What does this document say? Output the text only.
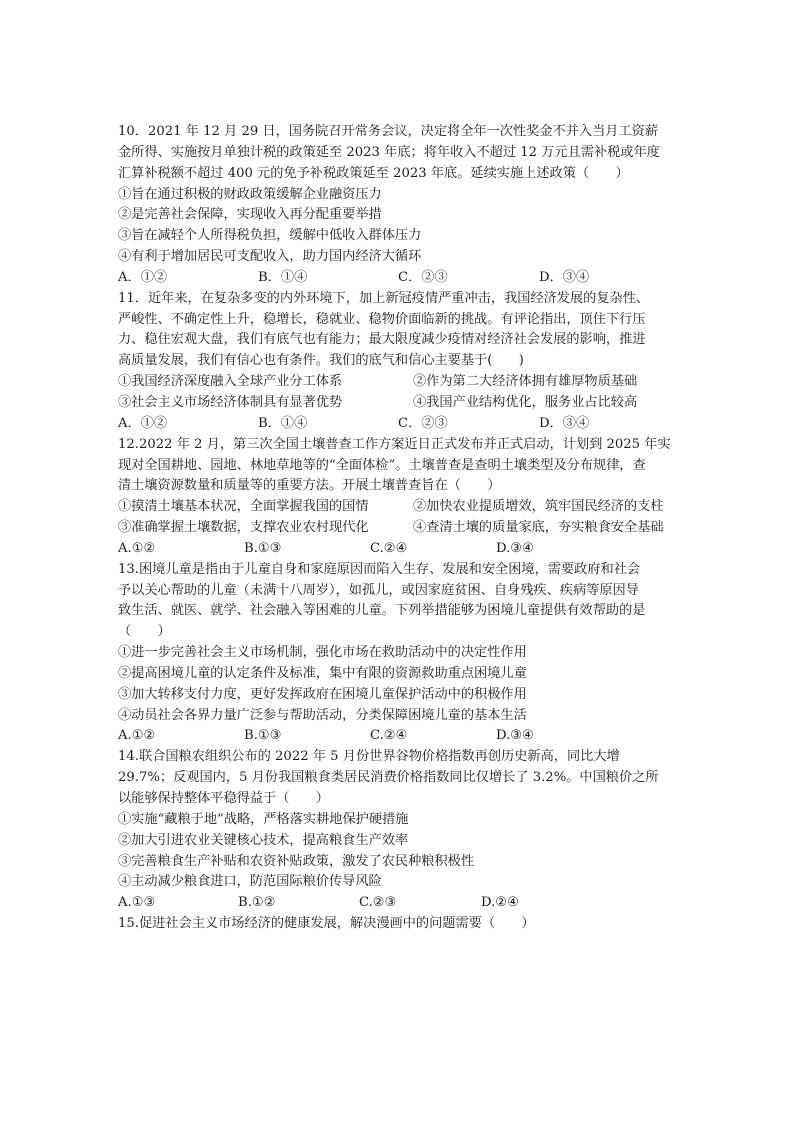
10．2021 年 12 月 29 日，国务院召开常务会议，决定将全年一次性奖金不并入当月工资薪
金所得、实施按月单独计税的政策延至 2023 年底；将年收入不超过 12 万元且需补税或年度
汇算补税额不超过 400 元的免予补税政策延至 2023 年底。延续实施上述政策（　　）
①旨在通过积极的财政政策缓解企业融资压力
②是完善社会保障，实现收入再分配重要举措
③旨在减轻个人所得税负担，缓解中低收入群体压力
④有利于增加居民可支配收入，助力国内经济大循环
A．①②	B．①④	C．②③	D．③④
11．近年来，在复杂多变的内外环境下，加上新冠疫情严重冲击，我国经济发展的复杂性、
严峻性、不确定性上升，稳增长，稳就业、稳物价面临新的挑战。有评论指出，顶住下行压
力、稳住宏观大盘，我们有底气也有能力；最大限度减少疫情对经济社会发展的影响，推进
高质量发展，我们有信心也有条件。我们的底气和信心主要基于(　　)
①我国经济深度融入全球产业分工体系	②作为第二大经济体拥有雄厚物质基础
③社会主义市场经济体制具有显著优势	④我国产业结构优化，服务业占比较高
A．①②	B．①④	C．②③	D．③④
12.2022 年 2 月，第三次全国土壤普查工作方案近日正式发布并正式启动，计划到 2025 年实
现对全国耕地、园地、林地草地等的“全面体检”。土壤普查是查明土壤类型及分布规律，查
清土壤资源数量和质量等的重要方法。开展土壤普查旨在（　　）
①摸清土壤基本状况，全面掌握我国的国情	②加快农业提质增效，筑牢国民经济的支柱
③准确掌握土壤数据，支撑农业农村现代化	④查清土壤的质量家底，夯实粮食安全基础
A.①②	B.①③	C.②④	D.③④
13.困境儿童是指由于儿童自身和家庭原因而陷入生存、发展和安全困境，需要政府和社会
予以关心帮助的儿童（未满十八周岁），如孤儿，或因家庭贫困、自身残疾、疾病等原因导
致生活、就医、就学、社会融入等困难的儿童。下列举措能够为困境儿童提供有效帮助的是
（　　）
①进一步完善社会主义市场机制，强化市场在救助活动中的决定性作用
②提高困境儿童的认定条件及标准，集中有限的资源救助重点困境儿童
③加大转移支付力度，更好发挥政府在困境儿童保护活动中的积极作用
④动员社会各界力量广泛参与帮助活动，分类保障困境儿童的基本生活
A.①②	B.①③	C.②④	D.③④
14.联合国粮农组织公布的 2022 年 5 月份世界谷物价格指数再创历史新高，同比大增
29.7%；反观国内，5 月份我国粮食类居民消费价格指数同比仅增长了 3.2%。中国粮价之所
以能够保持整体平稳得益于（　　）
①实施“藏粮于地”战略，严格落实耕地保护硬措施
②加大引进农业关键核心技术，提高粮食生产效率
③完善粮食生产补贴和农资补贴政策，激发了农民种粮积极性
④主动减少粮食进口，防范国际粮价传导风险
A.①③	B.①②	C.②③	D.②④
15.促进社会主义市场经济的健康发展，解决漫画中的问题需要（　　）
